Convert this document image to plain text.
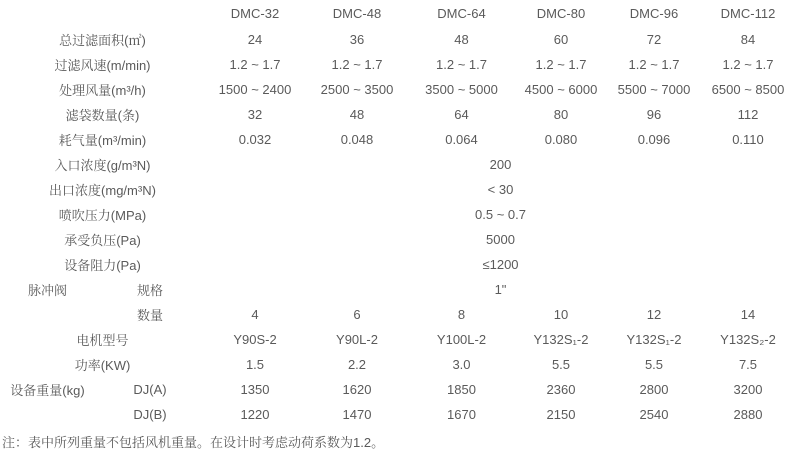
		DMC-32	DMC-48	DMC-64	DMC-80	DMC-96	DMC-112
总过滤面积(㎡)		24	36	48	60	72	84
过滤风速(m/min)		1.2 ~ 1.7	1.2 ~ 1.7	1.2 ~ 1.7	1.2 ~ 1.7	1.2 ~ 1.7	1.2 ~ 1.7
处理风量(m³/h)		1500 ~ 2400	2500 ~ 3500	3500 ~ 5000	4500 ~ 6000	5500 ~ 7000	6500 ~ 8500
滤袋数量(条)		32	48	64	80	96	112
耗气量(m³/min)		0.032	0.048	0.064	0.080	0.096	0.110
入口浓度(g/m³N)		200					
出口浓度(mg/m³N)		< 30					
喷吹压力(MPa)		0.5 ~ 0.7					
承受负压(Pa)		5000					
设备阻力(Pa)		≤1200					
脉冲阀	规格	1"					
	数量	4	6	8	10	12	14
电机型号		Y90S-2	Y90L-2	Y100L-2	Y132S₁-2	Y132S₁-2	Y132S₂-2
功率(KW)		1.5	2.2	3.0	5.5	5.5	7.5
设备重量(kg)	DJ(A)	1350	1620	1850	2360	2800	3200
	DJ(B)	1220	1470	1670	2150	2540	2880
注：表中所列重量不包括风机重量。在设计时考虑动荷系数为1.2。
